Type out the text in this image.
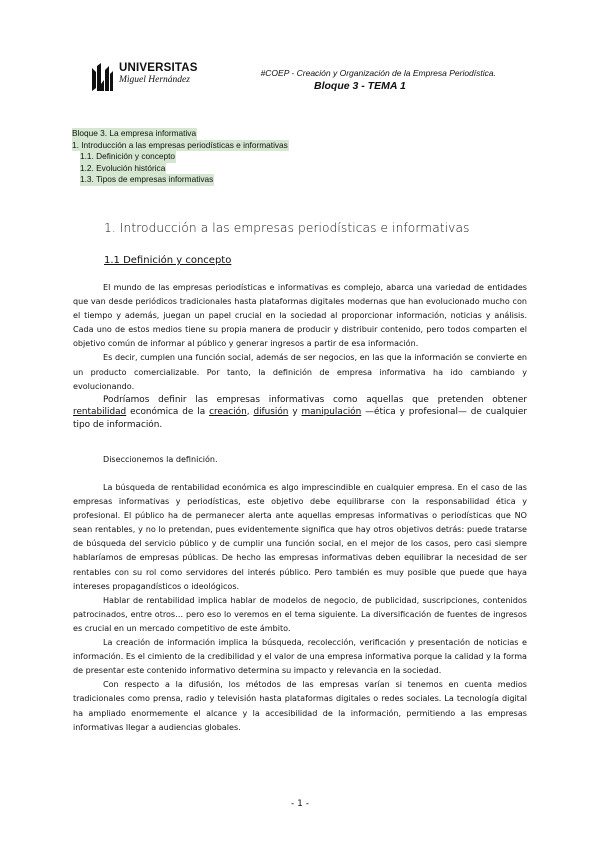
UNIVERSITAS
Miguel Hernández
#COEP - Creación y Organización de la Empresa Periodística.
Bloque 3 - TEMA 1
Bloque 3. La empresa informativa
1. Introducción a las empresas periodísticas e informativas
1.1. Definición y concepto
1.2. Evolución histórica
1.3. Tipos de empresas informativas
1. Introducción a las empresas periodísticas e informativas
1.1 Definición y concepto

El mundo de las empresas periodísticas e informativas es complejo, abarca una variedad de entidades que van desde periódicos tradicionales hasta plataformas digitales modernas que han evolucionado mucho con el tiempo y además, juegan un papel crucial en la sociedad al proporcionar información, noticias y análisis. Cada uno de estos medios tiene su propia manera de producir y distribuir contenido, pero todos comparten el objetivo común de informar al público y generar ingresos a partir de esa información.

Es decir, cumplen una función social, además de ser negocios, en las que la información se convierte en un producto comercializable. Por tanto, la definición de empresa informativa ha ido cambiando y evolucionando.

Podríamos definir las empresas informativas como aquellas que pretenden obtener rentabilidad económica de la creación, difusión y manipulación —ética y profesional— de cualquier tipo de información.

Diseccionemos la definición.

La búsqueda de rentabilidad económica es algo imprescindible en cualquier empresa. En el caso de las empresas informativas y periodísticas, este objetivo debe equilibrarse con la responsabilidad ética y profesional. El público ha de permanecer alerta ante aquellas empresas informativas o periodísticas que NO sean rentables, y no lo pretendan, pues evidentemente significa que hay otros objetivos detrás: puede tratarse de búsqueda del servicio público y de cumplir una función social, en el mejor de los casos, pero casi siempre hablaríamos de empresas públicas. De hecho las empresas informativas deben equilibrar la necesidad de ser rentables con su rol como servidores del interés público. Pero también es muy posible que puede que haya intereses propagandísticos o ideológicos.

Hablar de rentabilidad implica hablar de modelos de negocio, de publicidad, suscripciones, contenidos patrocinados, entre otros… pero eso lo veremos en el tema siguiente. La diversificación de fuentes de ingresos es crucial en un mercado competitivo de este ámbito.

La creación de información implica la búsqueda, recolección, verificación y presentación de noticias e información. Es el cimiento de la credibilidad y el valor de una empresa informativa porque la calidad y la forma de presentar este contenido informativo determina su impacto y relevancia en la sociedad.

Con respecto a la difusión, los métodos de las empresas varían si tenemos en cuenta medios tradicionales como prensa, radio y televisión hasta plataformas digitales o redes sociales. La tecnología digital ha ampliado enormemente el alcance y la accesibilidad de la información, permitiendo a las empresas informativas llegar a audiencias globales.

- 1 -
